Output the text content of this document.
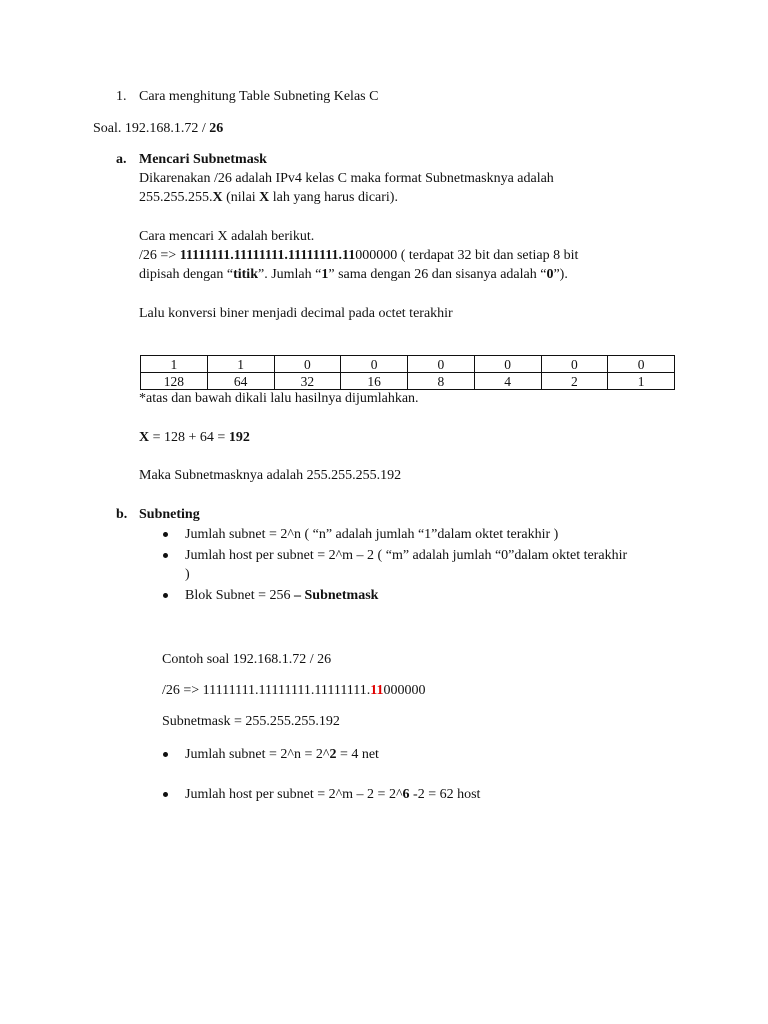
1. Cara menghitung Table Subneting Kelas C
Soal. 192.168.1.72 / 26
a. Mencari Subnetmask
Dikarenakan /26 adalah IPv4 kelas C maka format Subnetmasknya adalah
255.255.255.X (nilai X lah yang harus dicari).
Cara mencari X adalah berikut.
/26 => 11111111.11111111.11111111.11000000 ( terdapat 32 bit dan setiap 8 bit
dipisah dengan “titik”. Jumlah “1” sama dengan 26 dan sisanya adalah “0”).
Lalu konversi biner menjadi decimal pada octet terakhir
1	1	0	0	0	0	0	0
128	64	32	16	8	4	2	1
*atas dan bawah dikali lalu hasilnya dijumlahkan.
X = 128 + 64 = 192
Maka Subnetmasknya adalah 255.255.255.192
b. Subneting
Jumlah subnet = 2^n ( “n” adalah jumlah “1”dalam oktet terakhir )
Jumlah host per subnet = 2^m – 2 ( “m” adalah jumlah “0”dalam oktet terakhir
)
Blok Subnet = 256 – Subnetmask
Contoh soal 192.168.1.72 / 26
/26 => 11111111.11111111.11111111.11000000
Subnetmask = 255.255.255.192
Jumlah subnet = 2^n = 2^2 = 4 net
Jumlah host per subnet = 2^m – 2 = 2^6 -2 = 62 host
